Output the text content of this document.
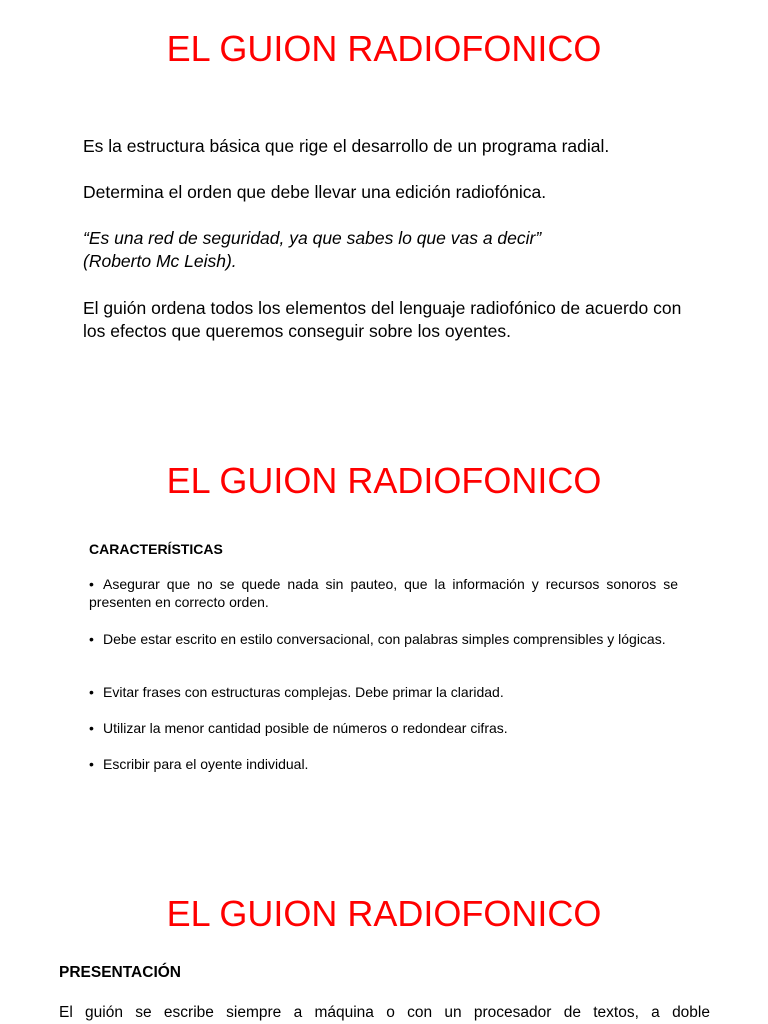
EL GUION RADIOFONICO

Es la estructura básica que rige el desarrollo de un programa radial.

Determina el orden que debe llevar una edición radiofónica.

“Es una red de seguridad, ya que sabes lo que vas a decir”

(Roberto Mc Leish).

El guión ordena todos los elementos del lenguaje radiofónico de acuerdo con los efectos que queremos conseguir sobre los oyentes.

EL GUION RADIOFONICO
CARACTERÍSTICAS

• Asegurar que no se quede nada sin pauteo, que la información y recursos sonoros se presenten en correcto orden.

• Debe estar escrito en estilo conversacional, con palabras simples comprensibles y lógicas.

• Evitar frases con estructuras complejas. Debe primar la claridad.

• Utilizar la menor cantidad posible de números o redondear cifras.

• Escribir para el oyente individual.

EL GUION RADIOFONICO
PRESENTACIÓN
El guión se escribe siempre a máquina o con un procesador de textos, a doble
